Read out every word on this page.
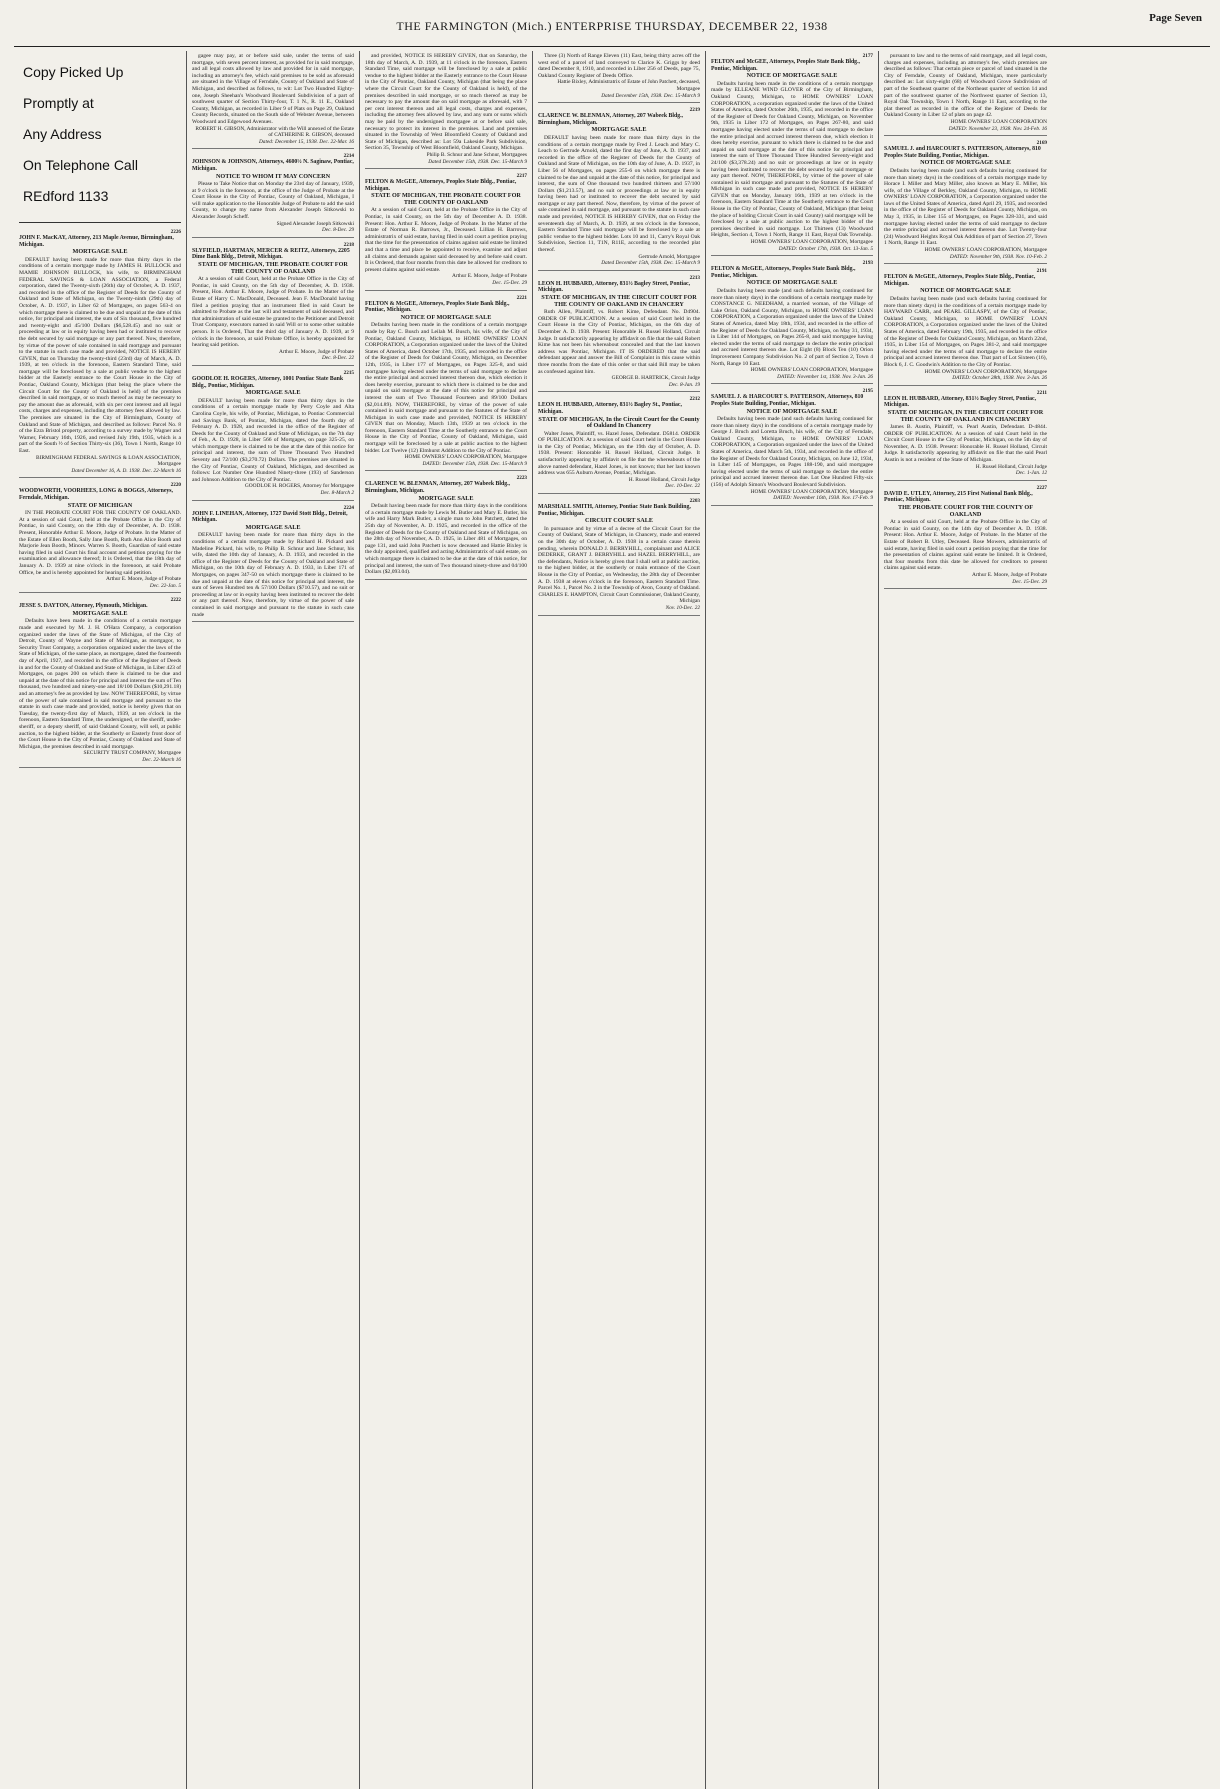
THE FARMINGTON (Mich.) ENTERPRISE THURSDAY, DECEMBER 22, 1938
Page Seven
Copy Picked Up
Promptly at
Any Address
On Telephone Call
REdford 1133
2226
JOHN F. MacKAY, Attorney, 213 Maple Avenue, Birmingham, Michigan.
MORTGAGE SALE
DEFAULT having been made for more than thirty days in the conditions of a certain mortgage made by JAMES H. BULLOCK and MAMIE JOHNSON BULLOCK, his wife, to BIRMINGHAM FEDERAL SAVINGS & LOAN ASSOCIATION, a Federal corporation, dated the Twenty-sixth (26th) day of October, A. D. 1937, and recorded in the office of the Register of Deeds for the County of Oakland and State of Michigan, on the Twenty-ninth (29th) day of October, A. D. 1937, in Liber 62 of Mortgages, on pages 563-4 on which mortgage there is claimed to be due and unpaid at the date of this notice, for principal and interest, the sum of Six thousand, five hundred and twenty-eight and 45/100 Dollars ($6,528.45) and no suit or proceeding at law or in equity having been had or instituted to recover the debt secured by said mortgage or any part thereof. Now, therefore, by virtue of the power of sale contained in said mortgage and pursuant to the statute in such case made and provided, NOTICE IS HEREBY GIVEN, that on Thursday the twenty-third (23rd) day of March, A. D. 1939, at ten o'clock in the forenoon, Eastern Standard Time, said mortgage will be foreclosed by a sale at public vendue to the highest bidder at the Easterly entrance to the Court House in the City of Pontiac, Oakland County, Michigan (that being the place where the Circuit Court for the County of Oakland is held) of the premises described in said mortgage, or so much thereof as may be necessary to pay the amount due as aforesaid, with six per cent interest and all legal costs, charges and expenses, including the attorney fees allowed by law. The premises are situated in the City of Birmingham, County of Oakland and State of Michigan, and described as follows: Parcel No. 8 of the Ezra Bristol property, according to a survey made by Wagner and Warner, February 16th, 1926, and revised July 19th, 1935, which is a part of the South ½ of Section Thirty-six (36), Town 1 North, Range 10 East.
BIRMINGHAM FEDERAL SAVINGS & LOAN ASSOCIATION, Mortgagee
Dated December 16, A. D. 1938. Dec. 22-March 16
2220
WOODWORTH, VOORHEES, LONG & BOGGS, Attorneys, Ferndale, Michigan.
STATE OF MICHIGAN
IN THE PROBATE COURT FOR THE COUNTY OF OAKLAND. At a session of said Court, held at the Probate Office in the City of Pontiac, in said County, on the 19th day of December, A. D. 1938. Present, Honorable Arthur E. Moore, Judge of Probate. In the Matter of the Estate of Ellen Booth, Sally Jane Booth, Ruth Ann Alice Booth and Marjorie Jean Booth, Minors. Warren S. Booth, Guardian of said estate having filed in said Court his final account and petition praying for the examination and allowance thereof; It is Ordered, that the 18th day of January A. D. 1939 at nine o'clock in the forenoon, at said Probate Office, be and is hereby appointed for hearing said petition.
Arthur E. Moore, Judge of Probate
Dec. 22-Jan. 5
2222
JESSE S. DAYTON, Attorney, Plymouth, Michigan.
MORTGAGE SALE
Defaults have been made in the conditions of a certain mortgage made and executed by M. J. H. O'Hara Company, a corporation organized under the laws of the State of Michigan, of the City of Detroit, County of Wayne and State of Michigan, as mortgagor, to Security Trust Company, a corporation organized under the laws of the State of Michigan, of the same place, as mortgagee, dated the fourteenth day of April, 1927, and recorded in the office of the Register of Deeds in and for the County of Oakland and State of Michigan, in Liber 423 of Mortgages, on pages 200 on which there is claimed to be due and unpaid at the date of this notice for principal and interest the sum of Ten thousand, two hundred and ninety-one and 18/100 Dollars ($10,291.18) and an attorney's fee as provided by law. NOW THEREFORE, by virtue of the power of sale contained in said mortgage and pursuant to the statute in such case made and provided, notice is hereby given that on Tuesday, the twenty-first day of March, 1939, at ten o'clock in the forenoon, Eastern Standard Time, the undersigned, or the sheriff, under-sheriff, or a deputy sheriff, of said Oakland County, will sell, at public auction, to the highest bidder, at the Southerly or Easterly front door of the Court House in the City of Pontiac, County of Oakland and State of Michigan, the premises described in said mortgage.
SECURITY TRUST COMPANY, Mortgagee
Dec. 22-March 16
gagee may pay, at or before said sale, under the terms of said mortgage, with seven percent interest, as provided for in said mortgage, and all legal costs allowed by law and provided for in said mortgage, including an attorney's fee, which said premises to be sold as aforesaid are situated in the Village of Ferndale, County of Oakland and State of Michigan, and described as follows, to wit: Lot Two Hundred Eighty-one, Joseph Sheehan's Woodward Boulevard Subdivision of a part of southwest quarter of Section Thirty-four, T. 1 N., R. 11 E., Oakland County, Michigan, as recorded in Liber 9 of Plats on Page 29, Oakland County Records, situated on the South side of Webster Avenue, between Woodward and Edgewood Avenues.
ROBERT H. GIBSON, Administrator with the Will annexed of the Estate of CATHERINE R. GIBSON, deceased
Dated: December 15, 1938. Dec. 22-Mar. 16
2214
JOHNSON & JOHNSON, Attorneys, 4600½ N. Saginaw, Pontiac, Michigan.
NOTICE TO WHOM IT MAY CONCERN
Please to Take Notice that on Monday the 23rd day of January, 1939, at 9 o'clock in the forenoon, at the office of the Judge of Probate at the Court House in the City of Pontiac, County of Oakland, Michigan, I will make application to the Honorable Judge of Probate to add the said County, to change my name from Alexander Joseph Sitkowski to Alexander Joseph Scheff.
Signed Alexander Joseph Sitkowski
Dec. 8-Dec. 29
2218
SLYFIELD, HARTMAN, MERCER & REITZ, Attorneys, 2205 Dime Bank Bldg., Detroit, Michigan.
STATE OF MICHIGAN, THE PROBATE COURT FOR THE COUNTY OF OAKLAND
At a session of said Court, held at the Probate Office in the City of Pontiac, in said County, on the 5th day of December, A. D. 1938. Present, Hon. Arthur E. Moore, Judge of Probate. In the Matter of the Estate of Harry C. MacDonald, Deceased. Jean F. MacDonald having filed a petition praying that an instrument filed in said Court be admitted to Probate as the last will and testament of said deceased, and that administration of said estate be granted to the Petitioner and Detroit Trust Company, executors named in said Will or to some other suitable person. It is Ordered, That the third day of January A. D. 1939, at 9 o'clock in the forenoon, at said Probate Office, is hereby appointed for hearing said petition.
Arthur E. Moore, Judge of Probate
Dec. 8-Dec. 22
2215
GOODLOE H. ROGERS, Attorney, 1001 Pontiac State Bank Bldg., Pontiac, Michigan.
MORTGAGE SALE
DEFAULT having been made for more than thirty days in the conditions of a certain mortgage made by Perry Coyle and Alta Carolina Coyle, his wife, of Pontiac, Michigan, to Pontiac Commercial and Savings Bank, of Pontiac, Michigan, dated the fourth day of February A. D. 1928, and recorded in the office of the Register of Deeds for the County of Oakland and State of Michigan, on the 7th day of Feb., A. D. 1928, in Liber 566 of Mortgages, on page 325-25, on which mortgage there is claimed to be due at the date of this notice for principal and interest, the sum of Three Thousand Two Hundred Seventy and 72/100 ($3,270.72) Dollars. The premises are situated in the City of Pontiac, County of Oakland, Michigan, and described as follows: Lot Number One Hundred Ninety-three (193) of Sanderson and Johnson Addition to the City of Pontiac.
GOODLOE H. ROGERS, Attorney for Mortgagee
Dec. 8-March 2
2224
JOHN F. LINEHAN, Attorney, 1727 David Stott Bldg., Detroit, Michigan.
MORTGAGE SALE
DEFAULT having been made for more than thirty days in the conditions of a certain mortgage made by Richard H. Pickard and Madeline Pickard, his wife, to Philip B. Schnur and Jane Schnur, his wife, dated the 10th day of January, A. D. 1933, and recorded in the office of the Register of Deeds for the County of Oakland and State of Michigan, on the 10th day of February A. D. 1933, in Liber 171 of Mortgages, on pages 347-50 on which mortgage there is claimed to be due and unpaid at the date of this notice for principal and interest, the sum of Seven Hundred ten & 57/100 Dollars ($710.57), and no suit or proceeding at law or in equity having been instituted to recover the debt or any part thereof. Now, therefore, by virtue of the power of sale contained in said mortgage and pursuant to the statute in such case made
and provided, NOTICE IS HEREBY GIVEN, that on Saturday, the 18th day of March, A. D. 1939, at 11 o'clock in the forenoon, Eastern Standard Time, said mortgage will be foreclosed by a sale at public vendue to the highest bidder at the Easterly entrance to the Court House in the City of Pontiac, Oakland County, Michigan (that being the place where the Circuit Court for the County of Oakland is held), of the premises described in said mortgage, or so much thereof as may be necessary to pay the amount due on said mortgage as aforesaid, with 7 per cent interest thereon and all legal costs, charges and expenses, including the attorney fees allowed by law, and any sum or sums which may be paid by the undersigned mortgagee at or before said sale, necessary to protect its interest in the premises. Land and premises situated in the Township of West Bloomfield County of Oakland and State of Michigan, described as: Lot 59a Lakeside Park Subdivision, Section 35, Township of West Bloomfield, Oakland County, Michigan.
Philip B. Schnur and Jane Schnur, Mortgagees
Dated December 15th, 1938. Dec. 15-March 9
2217
FELTON & McGEE, Attorneys, Peoples State Bldg., Pontiac, Michigan.
STATE OF MICHIGAN, THE PROBATE COURT FOR THE COUNTY OF OAKLAND
At a session of said Court, held at the Probate Office in the City of Pontiac, in said County, on the 5th day of December A. D. 1938. Present: Hon. Arthur E. Moore, Judge of Probate. In the Matter of the Estate of Norman R. Barrows, Jr., Deceased. Lillian H. Barrows, administratrix of said estate, having filed in said court a petition praying that the time for the presentation of claims against said estate be limited and that a time and place be appointed to receive, examine and adjust all claims and demands against said deceased by and before said court. It is Ordered, that four months from this date be allowed for creditors to present claims against said estate.
Arthur E. Moore, Judge of Probate
Dec. 15-Dec. 29
2221
FELTON & McGEE, Attorneys, Peoples State Bank Bldg., Pontiac, Michigan.
NOTICE OF MORTGAGE SALE
Defaults having been made in the conditions of a certain mortgage made by Ray C. Busch and Leilah M. Busch, his wife, of the City of Pontiac, Oakland County, Michigan, to HOME OWNERS' LOAN CORPORATION, a Corporation organized under the laws of the United States of America, dated October 17th, 1935, and recorded in the office of the Register of Deeds for Oakland County, Michigan, on December 12th, 1935, in Liber 177 of Mortgages, on Pages 325-8, and said mortgagee having elected under the terms of said mortgage to declare the entire principal and accrued interest thereon due, which election it does hereby exercise, pursuant to which there is claimed to be due and unpaid on said mortgage at the date of this notice for principal and interest the sum of Two Thousand Fourteen and 89/100 Dollars ($2,014.89). NOW, THEREFORE, by virtue of the power of sale contained in said mortgage and pursuant to the Statutes of the State of Michigan in such case made and provided, NOTICE IS HEREBY GIVEN that on Monday, March 13th, 1939 at ten o'clock in the forenoon, Eastern Standard Time at the Southerly entrance to the Court House in the City of Pontiac, County of Oakland, Michigan, said mortgage will be foreclosed by a sale at public auction to the highest bidder. Lot Twelve (12) Elmhurst Addition to the City of Pontiac.
HOME OWNERS' LOAN CORPORATION, Mortgagee
DATED: December 15th, 1938. Dec. 15-March 9
2223
CLARENCE W. BLENMAN, Attorney, 207 Wabeek Bldg., Birmingham, Michigan.
MORTGAGE SALE
Default having been made for more than thirty days in the conditions of a certain mortgage made by Lewis M. Butler and Mary E. Butler, his wife and Harry Mark Butler, a single man to John Patchett, dated the 25th day of November, A. D. 1925, and recorded in the office of the Register of Deeds for the County of Oakland and State of Michigan, on the 28th day of November, A. D. 1925, in Liber 481 of Mortgages, on page 131, and said John Patchett is now deceased and Hattie Bixley is the duly appointed, qualified and acting Administratrix of said estate, on which mortgage there is claimed to be due at the date of this notice, for principal and interest, the sum of Two thousand ninety-three and 04/100 Dollars ($2,093.04).
Three (3) North of Range Eleven (11) East, being thirty acres off the west end of a parcel of land conveyed to Clarice K. Griggs by deed dated December 8, 1910, and recorded in Liber 256 of Deeds, page 75, Oakland County Register of Deeds Office.
Hattie Bixley, Administratrix of Estate of John Patchett, deceased, Mortgagee
Dated December 15th, 1938. Dec. 15-March 9
2219
CLARENCE W. BLENMAN, Attorney, 207 Wabeek Bldg., Birmingham, Michigan.
MORTGAGE SALE
DEFAULT having been made for more than thirty days in the conditions of a certain mortgage made by Fred J. Leach and Mary C. Leach to Gertrude Arnold, dated the first day of June, A. D. 1937, and recorded in the office of the Register of Deeds for the County of Oakland and State of Michigan, on the 10th day of June, A. D. 1937, in Liber 56 of Mortgages, on pages 255-6 on which mortgage there is claimed to be due and unpaid at the date of this notice, for principal and interest, the sum of One thousand two hundred thirteen and 57/100 Dollars ($1,213.57), and no suit or proceedings at law or in equity having been had or instituted to recover the debt secured by said mortgage or any part thereof. Now, therefore, by virtue of the power of sale contained in said mortgage, and pursuant to the statute in such case made and provided, NOTICE IS HEREBY GIVEN, that on Friday the seventeenth day of March, A. D. 1939, at ten o'clock in the forenoon, Eastern Standard Time said mortgage will be foreclosed by a sale at public vendue to the highest bidder. Lots 10 and 11, Carry's Royal Oak Subdivision, Section 11, T1N, R11E, according to the recorded plat thereof.
Gertrude Arnold, Mortgagee
Dated December 15th, 1938. Dec. 15-March 9
2213
LEON H. HUBBARD, Attorney, 831½ Bagley Street, Pontiac, Michigan.
STATE OF MICHIGAN, IN THE CIRCUIT COURT FOR THE COUNTY OF OAKLAND IN CHANCERY
Ruth Allen, Plaintiff, vs. Robert Kime, Defendant. No. D4904. ORDER OF PUBLICATION. At a session of said Court held in the Court House in the City of Pontiac, Michigan, on the 6th day of December A. D. 1938. Present: Honorable H. Russel Holland, Circuit Judge. It satisfactorily appearing by affidavit on file that the said Robert Kime has not been his whereabout concealed and that the last known address was Pontiac, Michigan. IT IS ORDERED that the said defendant appear and answer the Bill of Complaint in this cause within three months from the date of this order or that said Bill may be taken as confessed against him.
GEORGE B. HARTRICK, Circuit Judge
Dec. 8-Jan. 19
2212
LEON H. HUBBARD, Attorney, 831½ Bagley St., Pontiac, Michigan.
STATE OF MICHIGAN, In the Circuit Court for the County of Oakland In Chancery
Walter Jones, Plaintiff, vs. Hazel Jones, Defendant. D5814. ORDER OF PUBLICATION. At a session of said Court held in the Court House in the City of Pontiac, Michigan, on the 19th day of October, A. D. 1938. Present: Honorable H. Russel Holland, Circuit Judge. It satisfactorily appearing by affidavit on file that the whereabouts of the above named defendant, Hazel Jones, is not known; that her last known address was 655 Auburn Avenue, Pontiac, Michigan.
H. Russel Holland, Circuit Judge
Dec. 10-Dec. 22
2203
MARSHALL SMITH, Attorney, Pontiac State Bank Building, Pontiac, Michigan.
CIRCUIT COURT SALE
In pursuance and by virtue of a decree of the Circuit Court for the County of Oakland, State of Michigan, in Chancery, made and entered on the 30th day of October, A. D. 1938 in a certain cause therein pending, wherein DONALD J. BERRYHILL, complainant and ALICE DEDERKE, GRANT J. BERRYHILL and HAZEL BERRYHILL, are the defendants, Notice is hereby given that I shall sell at public auction, to the highest bidder, at the southerly or main entrance of the Court House in the City of Pontiac, on Wednesday, the 28th day of December A. D. 1938 at eleven o'clock in the forenoon, Eastern Standard Time. Parcel No. 1, Parcel No. 2 in the Township of Avon, County of Oakland.
CHARLES E. HAMPTON, Circuit Court Commissioner, Oakland County, Michigan
Nov. 10-Dec. 22
2177
FELTON and McGEE, Attorneys, Peoples State Bank Bldg., Pontiac, Michigan.
NOTICE OF MORTGAGE SALE
Defaults having been made in the conditions of a certain mortgage made by ELLEANE WIND GLOVER of the City of Birmingham, Oakland County, Michigan, to HOME OWNERS' LOAN CORPORATION, a corporation organized under the laws of the United States of America, dated October 26th, 1935, and recorded in the office of the Register of Deeds for Oakland County, Michigan, on November 9th, 1935 in Liber 172 of Mortgages, on Pages 267-80, and said mortgagee having elected under the terms of said mortgage to declare the entire principal and accrued interest thereon due, which election it does hereby exercise, pursuant to which there is claimed to be due and unpaid on said mortgage at the date of this notice for principal and interest the sum of Three Thousand Three Hundred Seventy-eight and 24/100 ($3,378.24) and no suit or proceedings at law or in equity having been instituted to recover the debt secured by said mortgage or any part thereof. NOW, THEREFORE, by virtue of the power of sale contained in said mortgage and pursuant to the Statutes of the State of Michigan in such case made and provided, NOTICE IS HEREBY GIVEN that on Monday, January 16th, 1939 at ten o'clock in the forenoon, Eastern Standard Time at the Southerly entrance to the Court House in the City of Pontiac, County of Oakland, Michigan (that being the place of holding Circuit Court in said County) said mortgage will be foreclosed by a sale at public auction to the highest bidder of the premises described in said mortgage. Lot Thirteen (13) Woodward Heights, Section 4, Town 1 North, Range 11 East, Royal Oak Township.
HOME OWNERS' LOAN CORPORATION, Mortgagee
DATED: October 17th, 1938. Oct. 13-Jan. 5
2193
FELTON & McGEE, Attorneys, Peoples State Bank Bldg., Pontiac, Michigan.
NOTICE OF MORTGAGE SALE
Defaults having been made (and such defaults having continued for more than ninety days) in the conditions of a certain mortgage made by CONSTANCE G. NEEDHAM, a married woman, of the Village of Lake Orion, Oakland County, Michigan, to HOME OWNERS' LOAN CORPORATION, a Corporation organized under the laws of the United States of America, dated May 18th, 1934, and recorded in the office of the Register of Deeds for Oakland County, Michigan, on May 31, 1934, in Liber 144 of Mortgages, on Pages 265-8, and said mortgagee having elected under the terms of said mortgage to declare the entire principal and accrued interest thereon due. Lot Eight (8) Block Ten (10) Orion Improvement Company Subdivision No. 2 of part of Section 2, Town 4 North, Range 10 East.
HOME OWNERS' LOAN CORPORATION, Mortgagee
DATED: November 1st, 1938. Nov. 3-Jan. 26
2195
SAMUEL J. & HARCOURT S. PATTERSON, Attorneys, 810 Peoples State Building, Pontiac, Michigan.
NOTICE OF MORTGAGE SALE
Defaults having been made (and such defaults having continued for more than ninety days) in the conditions of a certain mortgage made by George J. Bruch and Loretta Bruch, his wife, of the City of Ferndale, Oakland County, Michigan, to HOME OWNERS' LOAN CORPORATION, a Corporation organized under the laws of the United States of America, dated March 5th, 1934, and recorded in the office of the Register of Deeds for Oakland County, Michigan, on June 12, 1934, in Liber 145 of Mortgages, on Pages 188-190, and said mortgagee having elected under the terms of said mortgage to declare the entire principal and accrued interest thereon due. Lot One Hundred Fifty-six (156) of Adolph Simon's Woodward Boulevard Subdivision.
HOME OWNERS' LOAN CORPORATION, Mortgagee
DATED: November 16th, 1938. Nov. 17-Feb. 9
pursuant to law and to the terms of said mortgage, and all legal costs, charges and expenses, including an attorney's fee, which premises are described as follows: That certain piece or parcel of land situated in the City of Ferndale, County of Oakland, Michigan, more particularly described as: Lot sixty-eight (68) of Woodward Grove Subdivision of part of the Southeast quarter of the Northeast quarter of section 14 and part of the southwest quarter of the Northwest quarter of Section 13, Royal Oak Township, Town 1 North, Range 11 East, according to the plat thereof as recorded in the office of the Register of Deeds for Oakland County in Liber 12 of plats on page 42.
HOME OWNERS' LOAN CORPORATION
DATED: November 23, 1938. Nov. 24-Feb. 16
2169
SAMUEL J. and HARCOURT S. PATTERSON, Attorneys, 810 Peoples State Building, Pontiac, Michigan.
NOTICE OF MORTGAGE SALE
Defaults having been made (and such defaults having continued for more than ninety days) in the conditions of a certain mortgage made by Horace I. Miller and Mary Miller, also known as Mary E. Miller, his wife, of the Village of Berkley, Oakland County, Michigan, to HOME OWNERS' LOAN CORPORATION, a Corporation organized under the laws of the United States of America, dated April 29, 1935, and recorded in the office of the Register of Deeds for Oakland County, Michigan, on May 3, 1935, in Liber 155 of Mortgages, on Pages 328-331, and said mortgagee having elected under the terms of said mortgage to declare the entire principal and accrued interest thereon due. Lot Twenty-four (24) Woodward Heights Royal Oak Addition of part of Section 27, Town 1 North, Range 11 East.
HOME OWNERS' LOAN CORPORATION, Mortgagee
DATED: November 9th, 1938. Nov. 10-Feb. 2
2191
FELTON & McGEE, Attorneys, Peoples State Bldg., Pontiac, Michigan.
NOTICE OF MORTGAGE SALE
Defaults having been made (and such defaults having continued for more than ninety days) in the conditions of a certain mortgage made by HAYWARD CARR, and PEARL GILLASPY, of the City of Pontiac, Oakland County, Michigan, to HOME OWNERS' LOAN CORPORATION, a Corporation organized under the laws of the United States of America, dated February 19th, 1935, and recorded in the office of the Register of Deeds for Oakland County, Michigan, on March 22nd, 1935, in Liber 154 of Mortgages, on Pages 381-2, and said mortgagee having elected under the terms of said mortgage to declare the entire principal and accrued interest thereon due. That part of Lot Sixteen (16), Block 6, J. C. Goodwin's Addition to the City of Pontiac.
HOME OWNERS' LOAN CORPORATION, Mortgagee
DATED: October 28th, 1938. Nov. 3-Jan. 26
2211
LEON H. HUBBARD, Attorney, 831½ Bagley Street, Pontiac, Michigan.
STATE OF MICHIGAN, IN THE CIRCUIT COURT FOR THE COUNTY OF OAKLAND IN CHANCERY
James B. Austin, Plaintiff, vs. Pearl Austin, Defendant. D-4844. ORDER OF PUBLICATION. At a session of said Court held in the Circuit Court House in the City of Pontiac, Michigan, on the 5th day of November, A. D. 1938. Present: Honorable H. Russel Holland, Circuit Judge. It satisfactorily appearing by affidavit on file that the said Pearl Austin is not a resident of the State of Michigan.
H. Russel Holland, Circuit Judge
Dec. 1-Jan. 12
2227
DAVID E. UTLEY, Attorney, 215 First National Bank Bldg., Pontiac, Michigan.
THE PROBATE COURT FOR THE COUNTY OF OAKLAND
At a session of said Court, held at the Probate Office in the City of Pontiac in said County, on the 14th day of December A. D. 1938. Present: Hon. Arthur E. Moore, Judge of Probate. In the Matter of the Estate of Robert B. Utley, Deceased. Rose Mowers, administratrix of said estate, having filed in said court a petition praying that the time for the presentation of claims against said estate be limited. It is Ordered, that four months from this date be allowed for creditors to present claims against said estate.
Arthur E. Moore, Judge of Probate
Dec. 15-Dec. 29
